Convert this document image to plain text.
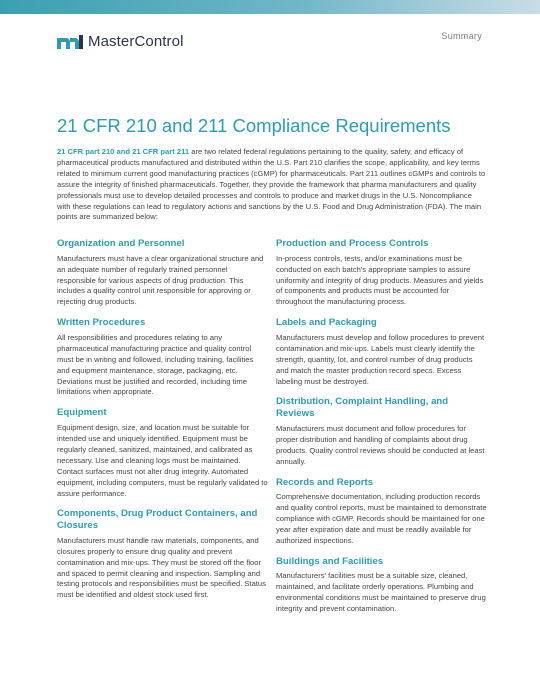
MasterControl	Summary
21 CFR 210 and 211 Compliance Requirements

21 CFR part 210 and 21 CFR part 211 are two related federal regulations pertaining to the quality, safety, and efficacy of pharmaceutical products manufactured and distributed within the U.S. Part 210 clarifies the scope, applicability, and key terms related to minimum current good manufacturing practices (cGMP) for pharmaceuticals. Part 211 outlines cGMPs and controls to assure the integrity of finished pharmaceuticals. Together, they provide the framework that pharma manufacturers and quality professionals must use to develop detailed processes and controls to produce and market drugs in the U.S. Noncompliance with these regulations can lead to regulatory actions and sanctions by the U.S. Food and Drug Administration (FDA). The main points are summarized below:

Organization and Personnel

Manufacturers must have a clear organizational structure and an adequate number of regularly trained personnel responsible for various aspects of drug production. This includes a quality control unit responsible for approving or rejecting drug products.

Written Procedures

All responsibilities and procedures relating to any pharmaceutical manufacturing practice and quality control must be in writing and followed, including training, facilities and equipment maintenance, storage, packaging, etc. Deviations must be justified and recorded, including time limitations when appropriate.

Equipment

Equipment design, size, and location must be suitable for intended use and uniquely identified. Equipment must be regularly cleaned, sanitized, maintained, and calibrated as necessary. Use and cleaning logs must be maintained. Contact surfaces must not alter drug integrity. Automated equipment, including computers, must be regularly validated to assure performance.

Components, Drug Product Containers, and Closures

Manufacturers must handle raw materials, components, and closures properly to ensure drug quality and prevent contamination and mix-ups. They must be stored off the floor and spaced to permit cleaning and inspection. Sampling and testing protocols and responsibilities must be specified. Status must be identified and oldest stock used first.

Production and Process Controls

In-process controls, tests, and/or examinations must be conducted on each batch's appropriate samples to assure uniformity and integrity of drug products. Measures and yields of components and products must be accounted for throughout the manufacturing process.

Labels and Packaging

Manufacturers must develop and follow procedures to prevent contamination and mix-ups. Labels must clearly identify the strength, quantity, lot, and control number of drug products and match the master production record specs. Excess labeling must be destroyed.

Distribution, Complaint Handling, and Reviews

Manufacturers must document and follow procedures for proper distribution and handling of complaints about drug products. Quality control reviews should be conducted at least annually.

Records and Reports

Comprehensive documentation, including production records and quality control reports, must be maintained to demonstrate compliance with cGMP. Records should be maintained for one year after expiration date and must be readily available for authorized inspections.

Buildings and Facilities

Manufacturers' facilities must be a suitable size, cleaned, maintained, and facilitate orderly operations. Plumbing and environmental conditions must be maintained to preserve drug integrity and prevent contamination.
